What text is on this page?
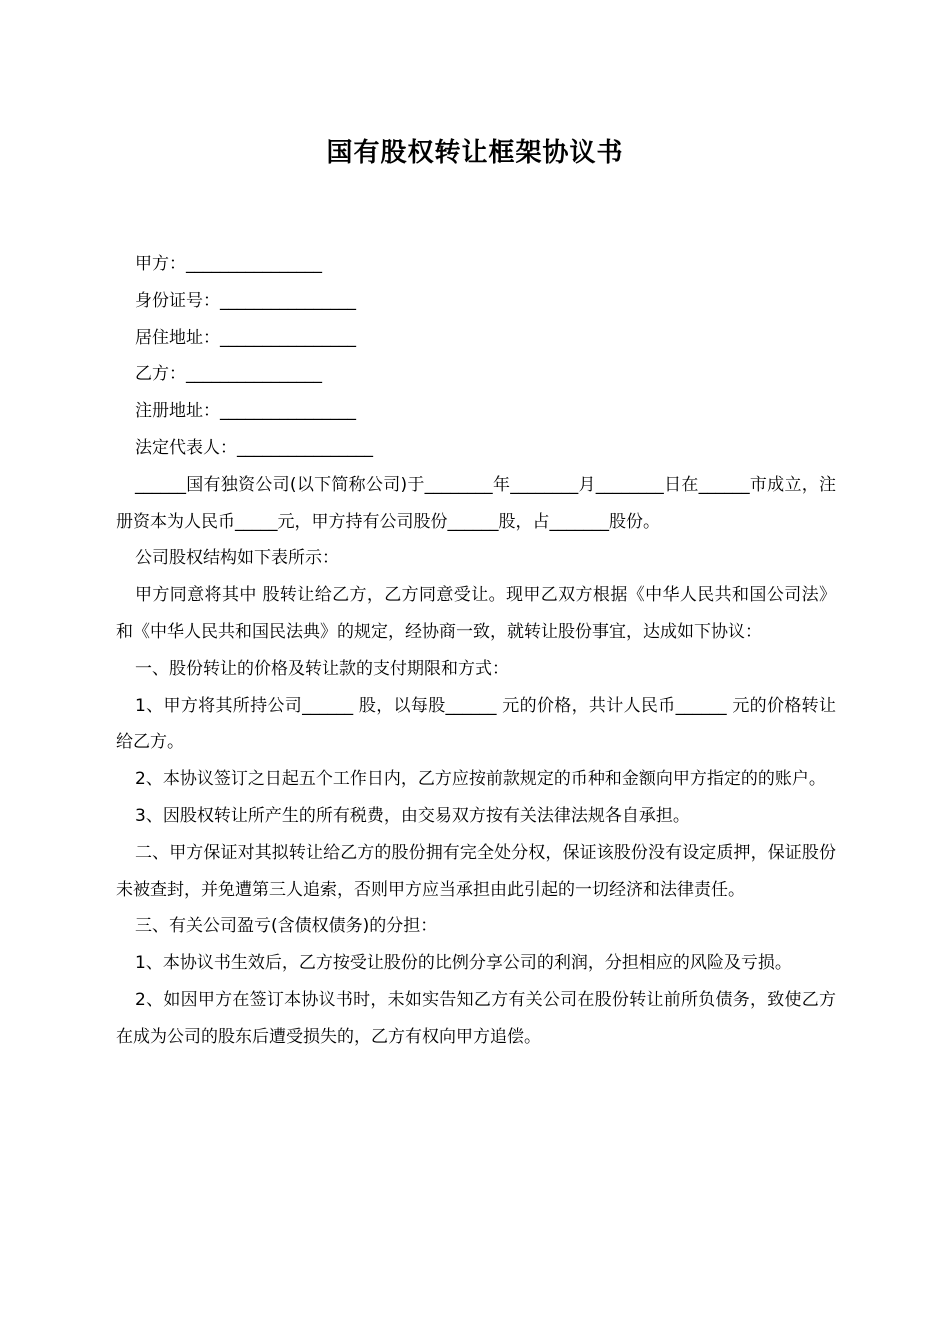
国有股权转让框架协议书

甲方：________________

身份证号：________________

居住地址：________________

乙方：________________

注册地址：________________

法定代表人：________________

______国有独资公司(以下简称公司)于________年________月________日在______市成立，注册资本为人民币_____元，甲方持有公司股份______股，占_______股份。

公司股权结构如下表所示：

甲方同意将其中 股转让给乙方，乙方同意受让。现甲乙双方根据《中华人民共和国公司法》和《中华人民共和国民法典》的规定，经协商一致，就转让股份事宜，达成如下协议：

一、股份转让的价格及转让款的支付期限和方式：

1、甲方将其所持公司______ 股，以每股______ 元的价格，共计人民币______ 元的价格转让给乙方。

2、本协议签订之日起五个工作日内，乙方应按前款规定的币种和金额向甲方指定的的账户。

3、因股权转让所产生的所有税费，由交易双方按有关法律法规各自承担。

二、甲方保证对其拟转让给乙方的股份拥有完全处分权，保证该股份没有设定质押，保证股份未被查封，并免遭第三人追索，否则甲方应当承担由此引起的一切经济和法律责任。

三、有关公司盈亏(含债权债务)的分担：

1、本协议书生效后，乙方按受让股份的比例分享公司的利润，分担相应的风险及亏损。

2、如因甲方在签订本协议书时，未如实告知乙方有关公司在股份转让前所负债务，致使乙方在成为公司的股东后遭受损失的，乙方有权向甲方追偿。
